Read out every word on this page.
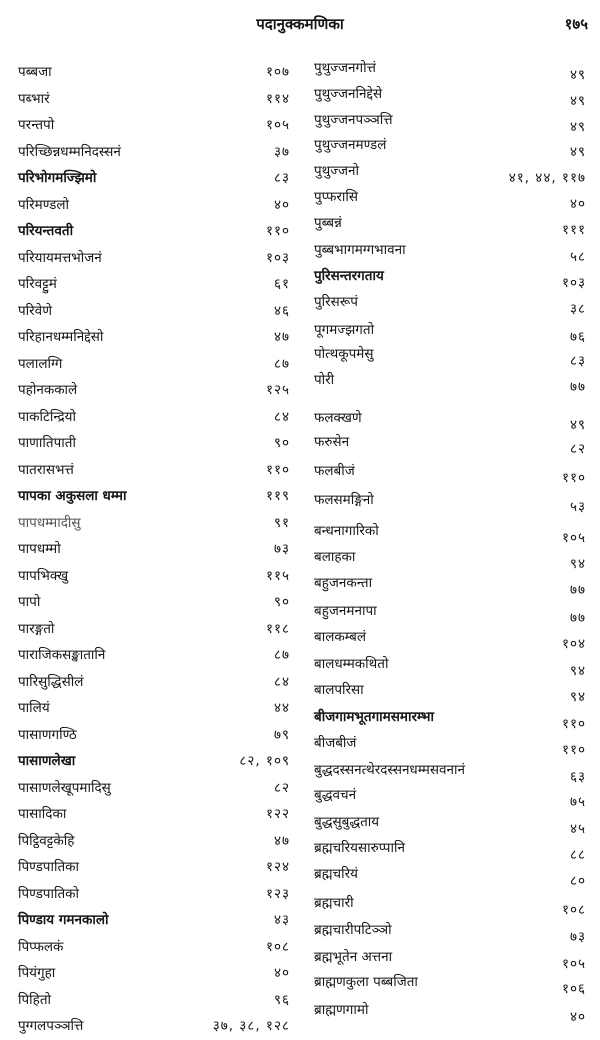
पदानुक्कमणिका	१७५
पब्बजा	१०७
पब्भारं	११४
परन्तपो	१०५
परिच्छिन्नधम्मनिदस्सनं	३७
परिभोगमज्झिमो	८३
परिमण्डलो	४०
परियन्तवती	११०
परियायमत्तभोजनं	१०३
परिवट्टुमं	६१
परिवेणे	४६
परिहानधम्मनिद्देसो	४७
पलालग्गि	८७
पहोनककाले	१२५
पाकटिन्द्रियो	८४
पाणातिपाती	९०
पातरासभत्तं	११०
पापका अकुसला धम्मा	११९
पापधम्मादीसु	९१
पापधम्मो	७३
पापभिक्खु	११५
पापो	९०
पारङ्गतो	११८
पाराजिकसङ्खातानि	८७
पारिसुद्धिसीलं	८४
पालियं	४४
पासाणगण्ठि	७९
पासाणलेखा	८२, १०९
पासाणलेखूपमादिसु	८२
पासादिका	१२२
पिट्ठिवट्टकेहि	४७
पिण्डपातिका	१२४
पिण्डपातिको	१२३
पिण्डाय गमनकालो	४३
पिप्फलकं	१०८
पियंगुहा	४०
पिहितो	९६
पुग्गलपञ्ञत्ति	३७, ३८, १२८
पुथुज्जनगोत्तं	४९
पुथुज्जननिद्देसे	४९
पुथुज्जनपञ्ञत्ति	४९
पुथुज्जनमण्डलं	४९
पुथुज्जनो	४१, ४४, ११७
पुप्फरासि	४०
पुब्बन्नं	१११
पुब्बभागमग्गभावना	५८
पुरिसन्तरगताय	१०३
पुरिसरूपं	३८
पूगमज्झगतो	७६
पोत्थकूपमेसु	८३
पोरी	७७
फलक्खणे	४९
फरुसेन	८२
फलबीजं	११०
फलसमङ्गिनो	५३
बन्धनागारिको	१०५
बलाहका	९४
बहुजनकन्ता	७७
बहुजनमनापा	७७
बालकम्बलं	१०४
बालधम्मकथितो	९४
बालपरिसा	९४
बीजगामभूतगामसमारम्भा	११०
बीजबीजं	११०
बुद्धदस्सनत्थेरदस्सनधम्मसवनानं	६३
बुद्धवचनं	७५
बुद्धसुबुद्धताय	४५
ब्रह्मचरियसारुप्पानि	८८
ब्रह्मचरियं	८०
ब्रह्मचारी	१०८
ब्रह्मचारीपटिञ्ञो	७३
ब्रह्मभूतेन अत्तना	१०५
ब्राह्मणकुला पब्बजिता	१०६
ब्राह्मणगामो	४०
